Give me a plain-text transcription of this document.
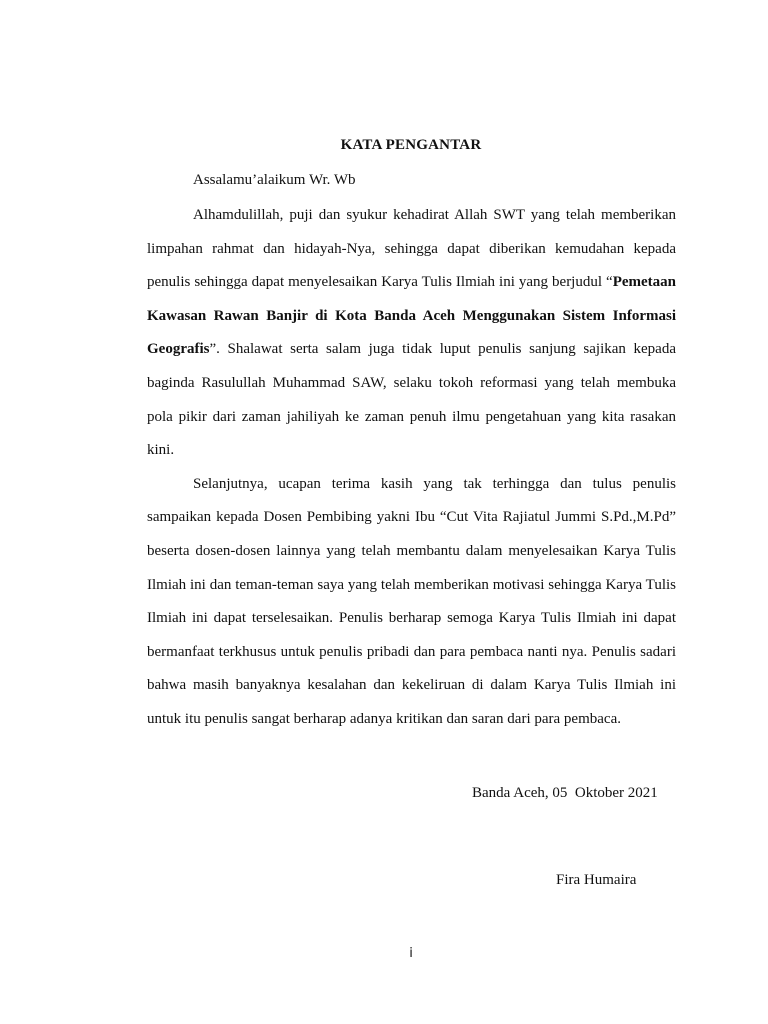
KATA PENGANTAR
Assalamu’alaikum Wr. Wb

Alhamdulillah, puji dan syukur kehadirat Allah SWT yang telah memberikan limpahan rahmat dan hidayah-Nya, sehingga dapat diberikan kemudahan kepada penulis sehingga dapat menyelesaikan Karya Tulis Ilmiah ini yang berjudul “Pemetaan Kawasan Rawan Banjir di Kota Banda Aceh Menggunakan Sistem Informasi Geografis”. Shalawat serta salam juga tidak luput penulis sanjung sajikan kepada baginda Rasulullah Muhammad SAW, selaku tokoh reformasi yang telah membuka pola pikir dari zaman jahiliyah ke zaman penuh ilmu pengetahuan yang kita rasakan kini.

Selanjutnya, ucapan terima kasih yang tak terhingga dan tulus penulis sampaikan kepada Dosen Pembibing yakni Ibu “Cut Vita Rajiatul Jummi S.Pd.,M.Pd” beserta dosen-dosen lainnya yang telah membantu dalam menyelesaikan Karya Tulis Ilmiah ini dan teman-teman saya yang telah memberikan motivasi sehingga Karya Tulis Ilmiah ini dapat terselesaikan. Penulis berharap semoga Karya Tulis Ilmiah ini dapat bermanfaat terkhusus untuk penulis pribadi dan para pembaca nanti nya. Penulis sadari bahwa masih banyaknya kesalahan dan kekeliruan di dalam Karya Tulis Ilmiah ini untuk itu penulis sangat berharap adanya kritikan dan saran dari para pembaca.

Banda Aceh, 05  Oktober 2021
Fira Humaira
i
